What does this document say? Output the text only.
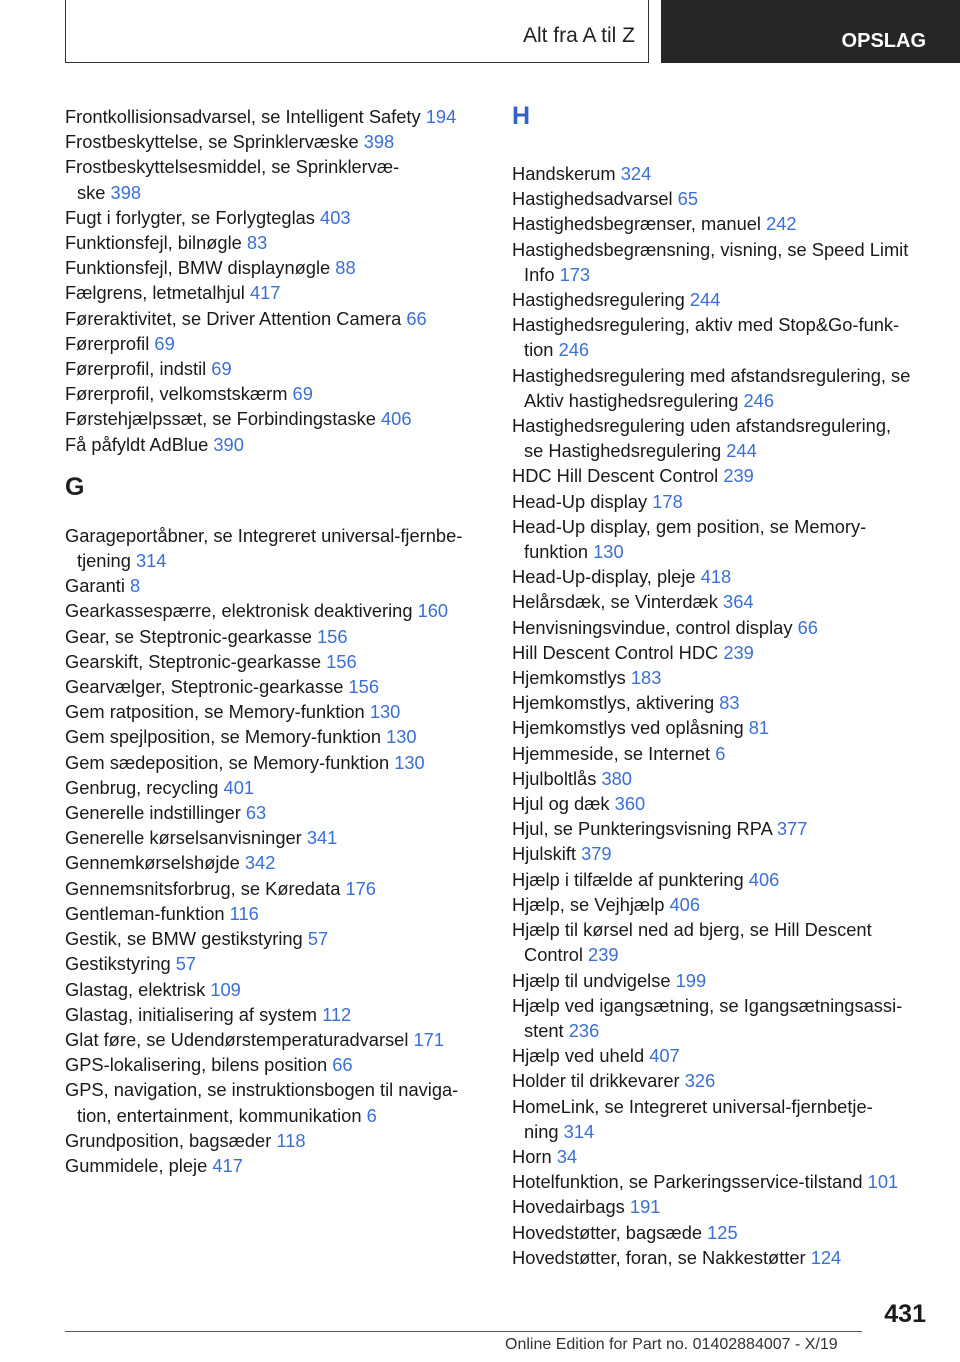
Alt fra A til Z	OPSLAG
Frontkollisionsadvarsel, se Intelligent Safety 194
Frostbeskyttelse, se Sprinklervæske 398
Frostbeskyttelsesmiddel, se Sprinklervæ-
ske 398
Fugt i forlygter, se Forlygteglas 403
Funktionsfejl, bilnøgle 83
Funktionsfejl, BMW displaynøgle 88
Fælgrens, letmetalhjul 417
Føreraktivitet, se Driver Attention Camera 66
Førerprofil 69
Førerprofil, indstil 69
Førerprofil, velkomstskærm 69
Førstehjælpssæt, se Forbindingstaske 406
Få påfyldt AdBlue 390
G
Garageportåbner, se Integreret universal-fjernbe-
tjening 314
Garanti 8
Gearkassespærre, elektronisk deaktivering 160
Gear, se Steptronic-gearkasse 156
Gearskift, Steptronic-gearkasse 156
Gearvælger, Steptronic-gearkasse 156
Gem ratposition, se Memory-funktion 130
Gem spejlposition, se Memory-funktion 130
Gem sædeposition, se Memory-funktion 130
Genbrug, recycling 401
Generelle indstillinger 63
Generelle kørselsanvisninger 341
Gennemkørselshøjde 342
Gennemsnitsforbrug, se Køredata 176
Gentleman-funktion 116
Gestik, se BMW gestikstyring 57
Gestikstyring 57
Glastag, elektrisk 109
Glastag, initialisering af system 112
Glat føre, se Udendørstemperaturadvarsel 171
GPS-lokalisering, bilens position 66
GPS, navigation, se instruktionsbogen til naviga-
tion, entertainment, kommunikation 6
Grundposition, bagsæder 118
Gummidele, pleje 417
H
Handskerum 324
Hastighedsadvarsel 65
Hastighedsbegrænser, manuel 242
Hastighedsbegrænsning, visning, se Speed Limit
Info 173
Hastighedsregulering 244
Hastighedsregulering, aktiv med Stop&Go-funk-
tion 246
Hastighedsregulering med afstandsregulering, se
Aktiv hastighedsregulering 246
Hastighedsregulering uden afstandsregulering,
se Hastighedsregulering 244
HDC Hill Descent Control 239
Head-Up display 178
Head-Up display, gem position, se Memory-
funktion 130
Head-Up-display, pleje 418
Helårsdæk, se Vinterdæk 364
Henvisningsvindue, control display 66
Hill Descent Control HDC 239
Hjemkomstlys 183
Hjemkomstlys, aktivering 83
Hjemkomstlys ved oplåsning 81
Hjemmeside, se Internet 6
Hjulboltlås 380
Hjul og dæk 360
Hjul, se Punkteringsvisning RPA 377
Hjulskift 379
Hjælp i tilfælde af punktering 406
Hjælp, se Vejhjælp 406
Hjælp til kørsel ned ad bjerg, se Hill Descent
Control 239
Hjælp til undvigelse 199
Hjælp ved igangsætning, se Igangsætningsassi-
stent 236
Hjælp ved uheld 407
Holder til drikkevarer 326
HomeLink, se Integreret universal-fjernbetje-
ning 314
Horn 34
Hotelfunktion, se Parkeringsservice-tilstand 101
Hovedairbags 191
Hovedstøtter, bagsæde 125
Hovedstøtter, foran, se Nakkestøtter 124
431
Online Edition for Part no. 01402884007 - X/19
